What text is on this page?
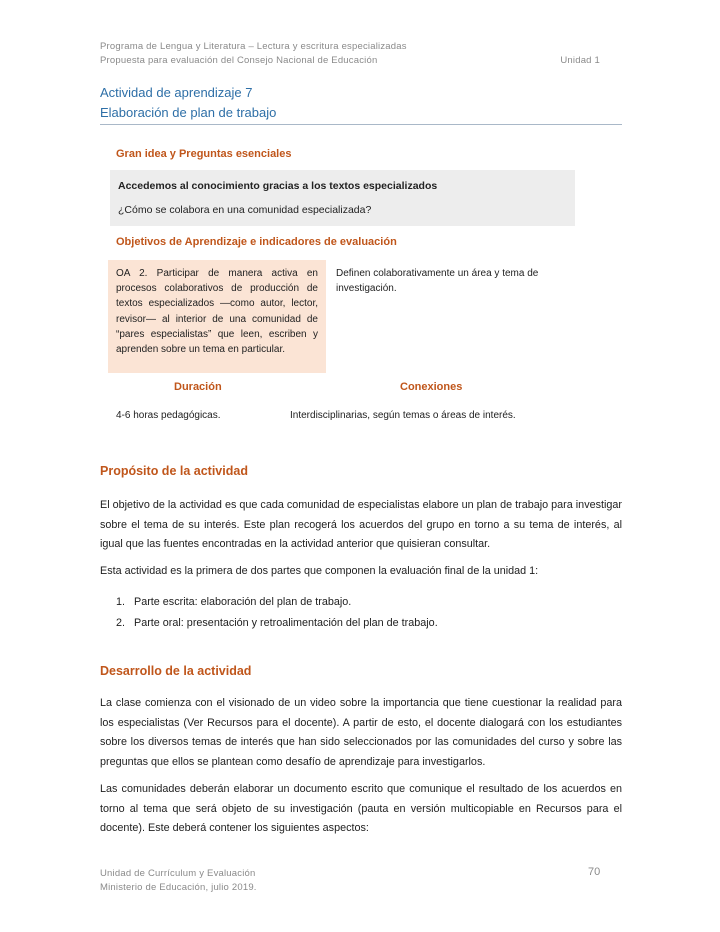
Programa de Lengua y Literatura – Lectura y escritura especializadas
Propuesta para evaluación del Consejo Nacional de Educación	Unidad 1
Actividad de aprendizaje 7
Elaboración de plan de trabajo
Gran idea y Preguntas esenciales
Accedemos al conocimiento gracias a los textos especializados
¿Cómo se colabora en una comunidad especializada?
Objetivos de Aprendizaje e indicadores de evaluación
OA 2. Participar de manera activa en procesos colaborativos de producción de textos especializados —como autor, lector, revisor— al interior de una comunidad de “pares especialistas” que leen, escriben y aprenden sobre un tema en particular.
Definen colaborativamente un área y tema de investigación.
Duración	Conexiones
4-6 horas pedagógicas.	Interdisciplinarias, según temas o áreas de interés.
Propósito de la actividad
El objetivo de la actividad es que cada comunidad de especialistas elabore un plan de trabajo para investigar sobre el tema de su interés. Este plan recogerá los acuerdos del grupo en torno a su tema de interés, al igual que las fuentes encontradas en la actividad anterior que quisieran consultar.
Esta actividad es la primera de dos partes que componen la evaluación final de la unidad 1:
1. Parte escrita: elaboración del plan de trabajo.
2. Parte oral: presentación y retroalimentación del plan de trabajo.
Desarrollo de la actividad
La clase comienza con el visionado de un video sobre la importancia que tiene cuestionar la realidad para los especialistas (Ver Recursos para el docente). A partir de esto, el docente dialogará con los estudiantes sobre los diversos temas de interés que han sido seleccionados por las comunidades del curso y sobre las preguntas que ellos se plantean como desafío de aprendizaje para investigarlos.
Las comunidades deberán elaborar un documento escrito que comunique el resultado de los acuerdos en torno al tema que será objeto de su investigación (pauta en versión multicopiable en Recursos para el docente). Este deberá contener los siguientes aspectos:
Unidad de Currículum y Evaluación
Ministerio de Educación, julio 2019.
70
